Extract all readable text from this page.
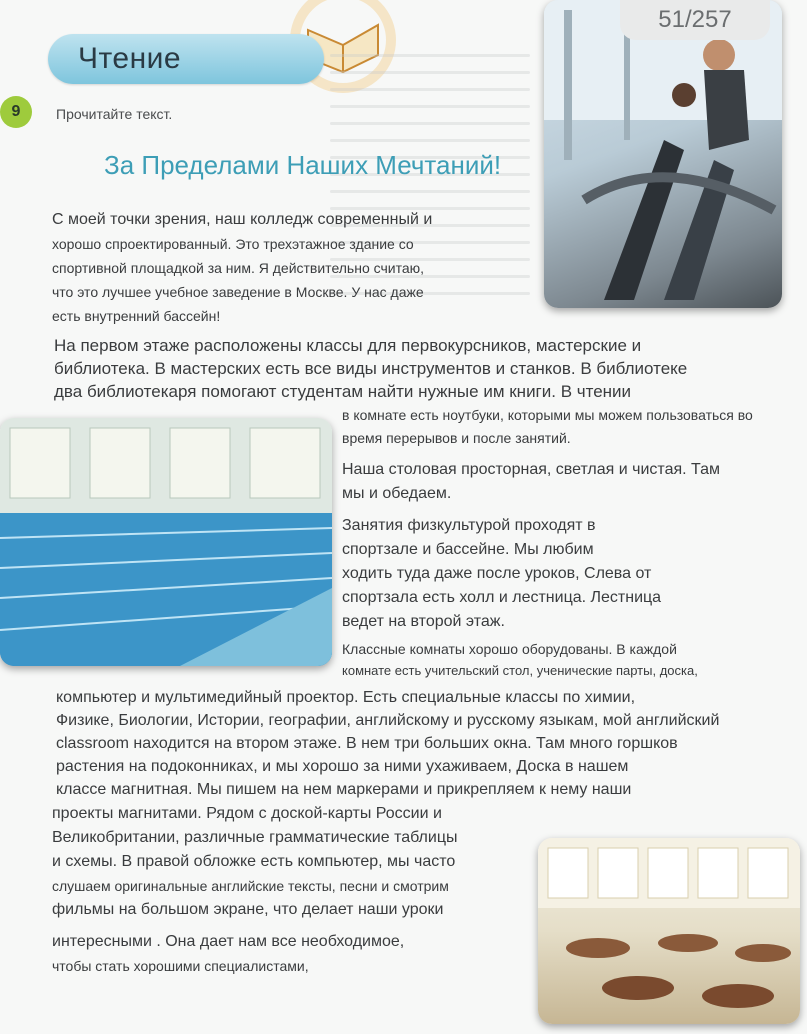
Чтение
51/257
9	Прочитайте текст.
За Пределами Наших Мечтаний!
С моей точки зрения, наш колледж современный и
хорошо спроектированный. Это трехэтажное здание со
спортивной площадкой за ним. Я действительно считаю,
что это лучшее учебное заведение в Москве. У нас даже
есть внутренний бассейн!
На первом этаже расположены классы для первокурсников, мастерские и
библиотека. В мастерских есть все виды инструментов и станков. В библиотеке
два библиотекаря помогают студентам найти нужные им книги. В чтении
в комнате есть ноутбуки, которыми мы можем пользоваться во
время перерывов и после занятий.
Наша столовая просторная, светлая и чистая. Там
мы и обедаем.
Занятия физкультурой проходят в
спортзале и бассейне. Мы любим
ходить туда даже после уроков, Слева от
спортзала есть холл и лестница. Лестница
ведет на второй этаж.
Классные комнаты хорошо оборудованы. В каждой
комнате есть учительский стол, ученические парты, доска,
компьютер и мультимедийный проектор. Есть специальные классы по химии,
Физике, Биологии, Истории, географии, английскому и русскому языкам, мой английский
classroom находится на втором этаже. В нем три больших окна. Там много горшков
растения на подоконниках, и мы хорошо за ними ухаживаем, Доска в нашем
классе магнитная. Мы пишем на нем маркерами и прикрепляем к нему наши
проекты магнитами. Рядом с доской-карты России и
Великобритании, различные грамматические таблицы
и схемы. В правой обложке есть компьютер, мы часто
слушаем оригинальные английские тексты, песни и смотрим
фильмы на большом экране, что делает наши уроки
интересными . Она дает нам все необходимое,
чтобы стать хорошими специалистами,
